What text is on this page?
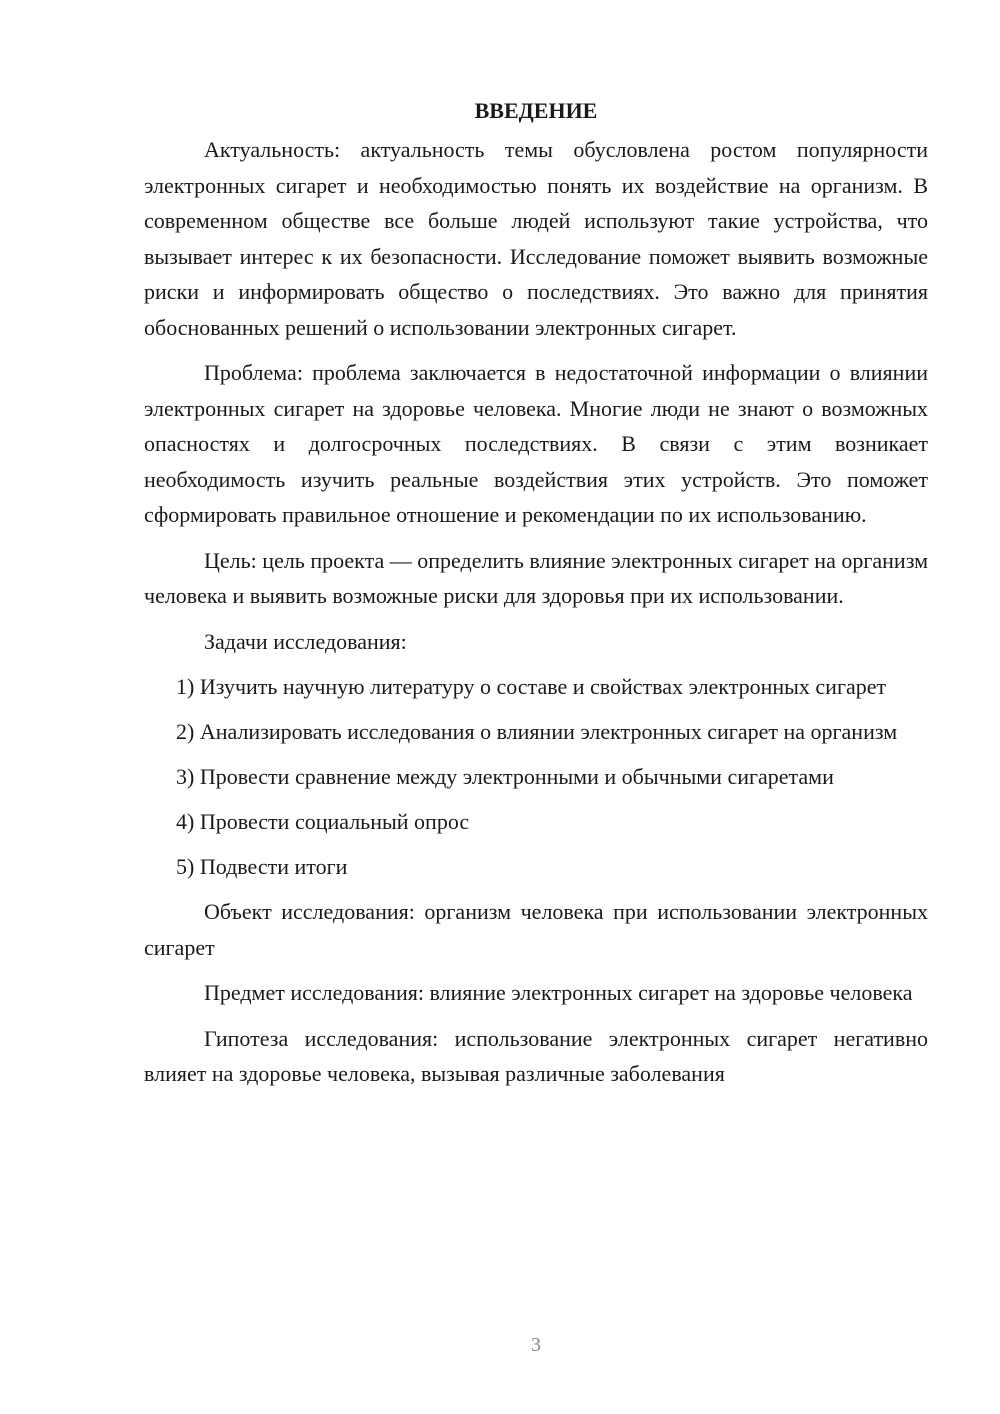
ВВЕДЕНИЕ

Актуальность: актуальность темы обусловлена ростом популярности электронных сигарет и необходимостью понять их воздействие на организм. В современном обществе все больше людей используют такие устройства, что вызывает интерес к их безопасности. Исследование поможет выявить возможные риски и информировать общество о последствиях. Это важно для принятия обоснованных решений о использовании электронных сигарет.

Проблема: проблема заключается в недостаточной информации о влиянии электронных сигарет на здоровье человека. Многие люди не знают о возможных опасностях и долгосрочных последствиях. В связи с этим возникает необходимость изучить реальные воздействия этих устройств. Это поможет сформировать правильное отношение и рекомендации по их использованию.

Цель: цель проекта — определить влияние электронных сигарет на организм человека и выявить возможные риски для здоровья при их использовании.

Задачи исследования:

1) Изучить научную литературу о составе и свойствах электронных сигарет

2) Анализировать исследования о влиянии электронных сигарет на организм

3) Провести сравнение между электронными и обычными сигаретами

4) Провести социальный опрос

5) Подвести итоги

Объект исследования: организм человека при использовании электронных сигарет

Предмет исследования: влияние электронных сигарет на здоровье человека

Гипотеза исследования: использование электронных сигарет негативно влияет на здоровье человека, вызывая различные заболевания

3
